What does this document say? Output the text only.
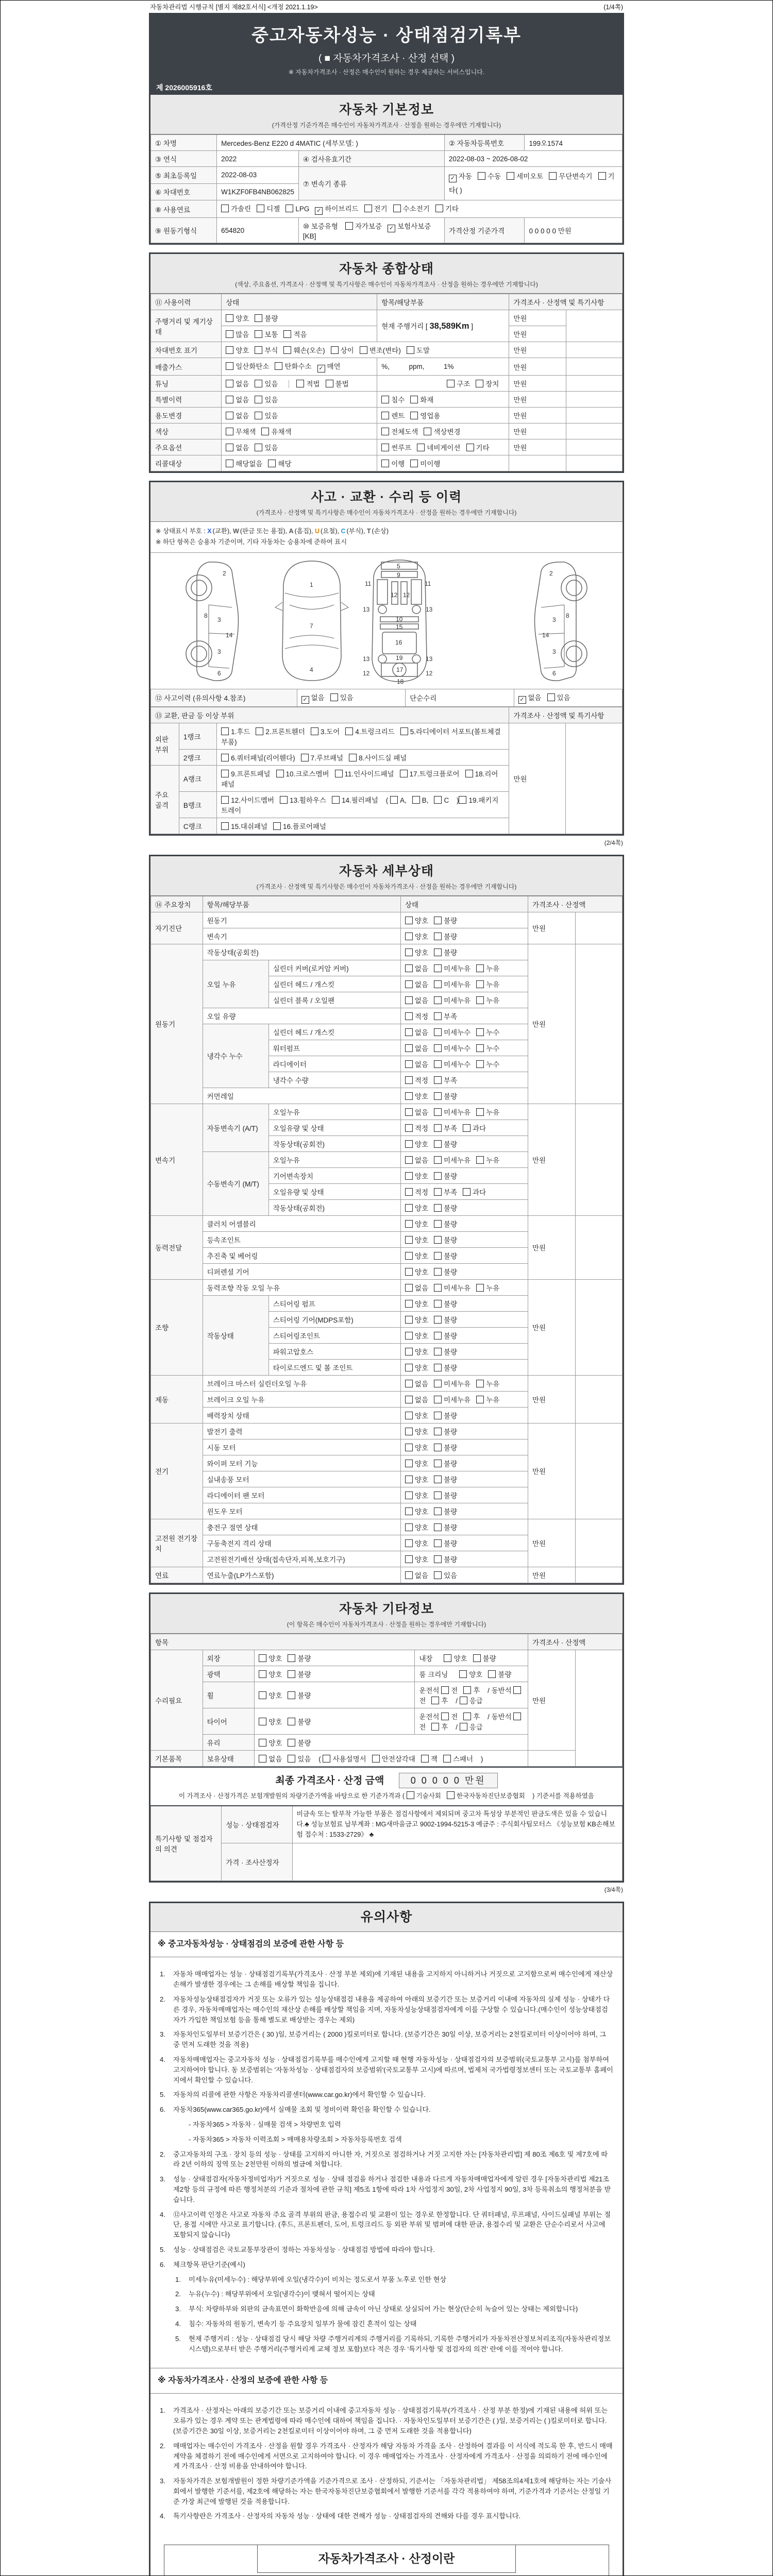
자동차관리법 시행규칙 [별지 제82호서식] <개정 2021.1.19>	(1/4쪽)
중고자동차성능 · 상태점검기록부
( ■ 자동차가격조사 · 산정 선택 )
※ 자동차가격조사 · 산정은 매수인이 원하는 경우 제공하는 서비스입니다.
제 2026005916호
자동차 기본정보
(가격산정 기준가격은 매수인이 자동차가격조사 · 산정을 원하는 경우에만 기재합니다)
① 차명	Mercedes-Benz E220 d 4MATIC (세부모델: )		② 자동차등록번호	199오1574
③ 연식	2022	④ 검사유효기간	2022-08-03 ~ 2026-08-02	
⑤ 최초등록일	2022-08-03	⑦ 변속기 종류	✓자동 수동 세미오토 무단변속기 기타( )
⑥ 차대번호	W1KZF0FB4NB062825			
⑧ 사용연료	가솔린 디젤 LPG ✓ 하이브리드 전기 수소전기 기타
⑨ 원동기형식	654820	⑩ 보증유형 자가보증 ✓ 보험사보증 [KB]	가격산정 기준가격	0 0 0 0 0 만원
자동차 종합상태
(색상, 주요옵션, 가격조사 · 산정액 및 특기사항은 매수인이 자동차가격조사 · 산정을 원하는 경우에만 기재합니다)
⑪ 사용이력	상태	항목/해당부품	가격조사 · 산정액 및 특기사항	
주행거리 및 계기상태	양호 불량	현재 주행거리 [ 38,589Km ]	만원	
	많음 보통 적음		만원	
차대번호 표기	양호 부식 훼손(오손) 상이 변조(변타) 도말		만원	
배출가스	일산화탄소 탄화수소 ✓ 매연	%,          ppm,          1%	만원	
튜닝	없음 있음 적법 불법	구조 장치	만원	
특별이력	없음 있음	침수 화재	만원	
용도변경	없음 있음	렌트 영업용	만원	
색상	무채색 유채색	전체도색 색상변경	만원	
주요옵션	없음 있음	썬루프 네비게이션 기타	만원	
리콜대상	해당없음 해당	이행 미이행		
사고 · 교환 · 수리 등 이력
(가격조사 · 산정액 및 특기사항은 매수인이 자동차가격조사 · 산정을 원하는 경우에만 기재합니다)
※ 상태표시 부호 : X (교환), W (판금 또는 용접), A (흠집), U (요철), C (부식), T (손상)
※ 하단 항목은 승용차 기준이며, 기타 자동차는 승용차에 준하여 표시
2
8
3
14
3
6
1
7
4
5
9
11	11
12 12
13	13
10
15
16
19
13	13
17
12	12
18
2
8
3
14
3
6
⑫ 사고이력 (유의사항 4.참조)	✓없음 있음	단순수리	✓없음 있음
⑬ 교환, 판금 등 이상 부위			가격조사 · 산정액 및 특기사항	
외판 부위	1랭크	1.후드 2.프론트휀더 3.도어 4.트렁크리드 5.라디에이터 서포트(볼트체결부품)	만원	
	2랭크	6.쿼터패널(리어휀다) 7.루브패널 8.사이드실 패널		
주요 골격	A랭크	9.프론트패널 10.크로스멤버 11.인사이드패널 17.트렁크플로어 18.리어패널		
	B랭크	12.사이드멤버 13.휠하우스 14.필러패널 ( A, B, C ) 19.패키지트레이		
	C랭크	15.대쉬패널 16.플로어패널		
(2/4쪽)
자동차 세부상태
(가격조사 · 산정액 및 특기사항은 매수인이 자동차가격조사 · 산정을 원하는 경우에만 기재합니다)
⑭ 주요장치	항목/해당부품		상태	가격조사 · 산정액	
자기진단	원동기		양호 불량	만원	
	변속기		양호 불량		
원동기	작동상태(공회전)		양호 불량	만원	
	오일 누유	실린더 커버(로커암 커버)	없음 미세누유 누유		
		실린더 헤드 / 개스킷	없음 미세누유 누유		
		실린더 블록 / 오일팬	없음 미세누유 누유		
	오일 유량		적정 부족		
	냉각수 누수	실린더 헤드 / 개스킷	없음 미세누수 누수		
		워터펌프	없음 미세누수 누수		
		라디에이터	없음 미세누수 누수		
		냉각수 수량	적정 부족		
	커먼레일		양호 불량		
변속기	자동변속기 (A/T)	오일누유	없음 미세누유 누유	만원	
		오일유량 및 상태	적정 부족 과다		
		작동상태(공회전)	양호 불량		
	수동변속기 (M/T)	오일누유	없음 미세누유 누유		
		기어변속장치	양호 불량		
		오일유량 및 상태	적정 부족 과다		
		작동상태(공회전)	양호 불량		
동력전달	클러치 어셈블리		양호 불량	만원	
	등속조인트		양호 불량		
	추진축 및 베어링		양호 불량		
	디퍼렌셜 기어		양호 불량		
조향	동력조향 작동 오일 누유		없음 미세누유 누유	만원	
	작동상태	스티어링 펌프	양호 불량		
		스티어링 기어(MDPS포함)	양호 불량		
		스티어링조인트	양호 불량		
		파워고압호스	양호 불량		
		타이로드엔드 및 볼 조인트	양호 불량		
제동	브레이크 마스터 실린더오일 누유		없음 미세누유 누유	만원	
	브레이크 오일 누유		없음 미세누유 누유		
	배력장치 상태		양호 불량		
전기	발전기 출력		양호 불량	만원	
	시동 모터		양호 불량		
	와이퍼 모터 기능		양호 불량		
	실내송풍 모터		양호 불량		
	라디에이터 팬 모터		양호 불량		
	윈도우 모터		양호 불량		
고전원 전기장치	충전구 절연 상태		양호 불량	만원	
	구동축전지 격리 상태		양호 불량		
	고전원전기배선 상태(접속단자,피복,보호기구)		양호 불량		
연료	연료누출(LP가스포함)		없음 있음	만원	
자동차 기타정보
(이 항목은 매수인이 자동차가격조사 · 산정을 원하는 경우에만 기재합니다)
항목				가격조사 · 산정액	
수리필요	외장	양호 불량	내장 양호 불량	만원	
	광택	양호 불량	룸 크리닝 양호 불량		
	휠	양호 불량	운전석 전 후 / 동반석 전 후 / 응급		
	타이어	양호 불량	운전석 전 후 / 동반석 전 후 / 응급		
	유리	양호 불량			
기본품목	보유상태	없음 있음 ( 사용설명서 안전삼각대 잭 스패너 )			
최종 가격조사 · 산정 금액	0 0 0 0 0 만원
이 가격조사 · 산정가격은 보험개발원의 차량기준가액을 바탕으로 한 기준가격과 ( 기술사회 한국자동차진단보증협회 ) 기준서를 적용하였음
특기사항 및 점검자의 의견	성능 · 상태점검자	비금속 또는 탈부착 가능한 부품은 점검사항에서 제외되며 중고차 특성상 부분적인 판금도색은 있을 수 있습니다.♣ 성능보험료 납부계좌 : MG새마을금고 9002-1994-5215-3 예금주 : 주식회사팀모터스 《성능보험 KB손해보험 접수처 : 1533-2729》 ♣
	가격 · 조사산정자	
(3/4쪽)
유의사항
※ 중고자동차성능 · 상태점검의 보증에 관한 사항 등
1.	자동차 매매업자는 성능 · 상태점검기록부(가격조사 · 산정 부분 제외)에 기재된 내용을 고지하지 아니하거나 거짓으로 고지함으로써 매수인에게 재산상 손해가 발생한 경우에는 그 손해를 배상할 책임을 집니다.
2.	자동차성능상태점검자가 거짓 또는 오류가 있는 성능상태점검 내용을 제공하여 아래의 보증기간 또는 보증거리 이내에 자동차의 실제 성능 · 상태가 다른 경우, 자동차매매업자는 매수인의 재산상 손해를 배상할 책임을 지며, 자동차성능상태점검자에게 이를 구상할 수 있습니다.(매수인이 성능상태점검자가 가입한 책임보험 등을 통해 별도로 배상받는 경우는 제외)
3.	자동차인도일부터 보증기간은 ( 30 )일, 보증거리는 ( 2000 )킬로미터로 합니다. (보증기간은 30일 이상, 보증거리는 2천킬로미터 이상이어야 하며, 그 중 먼저 도래한 것을 적용)
4.	자동차매매업자는 중고자동차 성능 · 상태점검기록부를 매수인에게 고지할 때 현행 자동차성능 · 상태점검자의 보증범위(국토교통부 고시)를 첨부하여 고지하여야 합니다. 동 보증범위는 '자동차성능 · 상태점검자의 보증범위'(국토교통부 고시)에 따르며, 법제처 국가법령정보센터 또는 국토교통부 홈페이지에서 확인할 수 있습니다.
5.	자동차의 리콜에 관한 사항은 자동차리콜센터(www.car.go.kr)에서 확인할 수 있습니다.
6.	자동차365(www.car365.go.kr)에서 실매물 조회 및 정비이력 확인을 확인할 수 있습니다.
- 자동차365 > 자동차 · 실매물 검색 > 차량번호 입력
- 자동차365 > 자동차 이력조회 > 매매용차량조회 > 자동차등록번호 검색
2.	중고자동차의 구조 · 장치 등의 성능 · 상태를 고지하지 아니한 자, 거짓으로 점검하거나 거짓 고지한 자는 [자동차관리법] 제 80조 제6호 및 제7호에 따라 2년 이하의 징역 또는 2천만원 이하의 벌금에 처합니다.
3.	성능 · 상태점검자(자동차정비업자)가 거짓으로 성능 · 상태 점검을 하거나 점검한 내용과 다르게 자동차매매업자에게 알린 경우 [자동차관리법 제21조 제2항 등의 규정에 따른 행정처분의 기준과 절차에 관한 규칙] 제5조 1항에 따라 1차 사업정지 30일, 2차 사업정지 90일, 3차 등록취소의 행정처분을 받습니다.
4.	⑫사고이력 인정은 사고로 자동차 주요 골격 부위의 판금, 용접수리 및 교환이 있는 경우로 한정합니다. 단 쿼터패널, 루프패널, 사이드실패널 부위는 절단, 용접 시에만 사고로 표기합니다. (후드, 프론트펜더, 도어, 트렁크리드 등 외판 부위 및 범퍼에 대한 판금, 용접수리 및 교환은 단순수리로서 사고에 포함되지 않습니다)
5.	성능 · 상태점검은 국토교통부장관이 정하는 자동차성능 · 상태점검 방법에 따라야 합니다.
6.	체크항목 판단기준(예시)
1.	미세누유(미세누수) : 해당부위에 오일(냉각수)이 비치는 정도로서 부품 노후로 인한 현상
2.	누유(누수) : 해당부위에서 오일(냉각수)이 맺혀서 떨어지는 상태
3.	부식: 차량하부와 외판의 금속표면이 화학반응에 의해 금속이 아닌 상태로 상실되어 가는 현상(단순히 녹슬어 있는 상태는 제외합니다)
4.	침수: 자동차의 원동기, 변속기 등 주요장치 일부가 물에 잠긴 흔적이 있는 상태
5.	현재 주행거리 : 성능 · 상태점검 당시 해당 차량 주행거리계의 주행거리를 기록하되, 기록한 주행거리가 자동차전산정보처리조직(자동차관리정보시스템)으로부터 받은 주행거리(주행거리계 교체 정보 포함)보다 적은 경우 '특기사항 및 점검자의 의견' 란에 이를 적어야 합니다.
※ 자동차가격조사 · 산정의 보증에 관한 사항 등
1.	가격조사 · 산정자는 아래의 보증기간 또는 보증거리 이내에 중고자동차 성능 · 상태점검기록부(가격조사 · 산정 부분 한정)에 기재된 내용에 허위 또는 오류가 있는 경우 계약 또는 관계법령에 따라 매수인에 대하여 책임을 집니다. · 자동차인도일부터 보증기간은 ( )일, 보증거리는 ( )킬로미터로 합니다. (보증기간은 30일 이상, 보증거리는 2천킬로미터 이상이어야 하며, 그 중 먼저 도래한 것을 적용합니다)
2.	매매업자는 매수인이 가격조사 · 산정을 원할 경우 가격조사 · 산정자가 해당 자동차 가격을 조사 · 산정하여 결과를 이 서식에 적도록 한 후, 반드시 매매계약을 체결하기 전에 매수인에게 서면으로 고지하여야 합니다. 이 경우 매매업자는 가격조사 · 산정자에게 가격조사 · 산정을 의뢰하기 전에 매수인에게 가격조사 · 산정 비용을 안내하여야 합니다.
3.	자동차가격은 보험개발원이 정한 차량기준가액을 기준가격으로 조사 · 산정하되, 기준서는 「자동차관리법」 제58조의4제1호에 해당하는 자는 기술사회에서 발행한 기준서를, 제2호에 해당하는 자는 한국자동차진단보증협회에서 발행한 기준서를 각각 적용하여야 하며, 기준가격과 기준서는 산정일 기준 가장 최근에 발행된 것을 적용합니다.
4.	특기사항란은 가격조사 · 산정자의 자동차 성능 · 상태에 대한 견해가 성능 · 상태점검자의 견해와 다를 경우 표시합니다.
자동차가격조사 · 산정이란
